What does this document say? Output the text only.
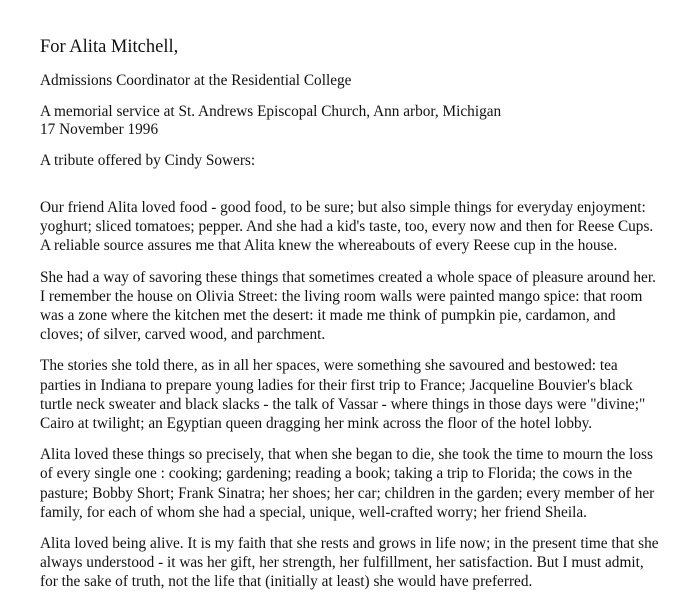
For Alita Mitchell,
Admissions Coordinator at the Residential College
A memorial service at St. Andrews Episcopal Church, Ann arbor, Michigan
17 November 1996
A tribute offered by Cindy Sowers:
Our friend Alita loved food - good food, to be sure; but also simple things for everyday enjoyment:
yoghurt; sliced tomatoes; pepper. And she had a kid's taste, too, every now and then for Reese Cups.
A reliable source assures me that Alita knew the whereabouts of every Reese cup in the house.
She had a way of savoring these things that sometimes created a whole space of pleasure around her.
I remember the house on Olivia Street: the living room walls were painted mango spice: that room
was a zone where the kitchen met the desert: it made me think of pumpkin pie, cardamon, and
cloves; of silver, carved wood, and parchment.
The stories she told there, as in all her spaces, were something she savoured and bestowed: tea
parties in Indiana to prepare young ladies for their first trip to France; Jacqueline Bouvier's black
turtle neck sweater and black slacks - the talk of Vassar - where things in those days were "divine;"
Cairo at twilight; an Egyptian queen dragging her mink across the floor of the hotel lobby.
Alita loved these things so precisely, that when she began to die, she took the time to mourn the loss
of every single one : cooking; gardening; reading a book; taking a trip to Florida; the cows in the
pasture; Bobby Short; Frank Sinatra; her shoes; her car; children in the garden; every member of her
family, for each of whom she had a special, unique, well-crafted worry; her friend Sheila.
Alita loved being alive. It is my faith that she rests and grows in life now; in the present time that she
always understood - it was her gift, her strength, her fulfillment, her satisfaction. But I must admit,
for the sake of truth, not the life that (initially at least) she would have preferred.
